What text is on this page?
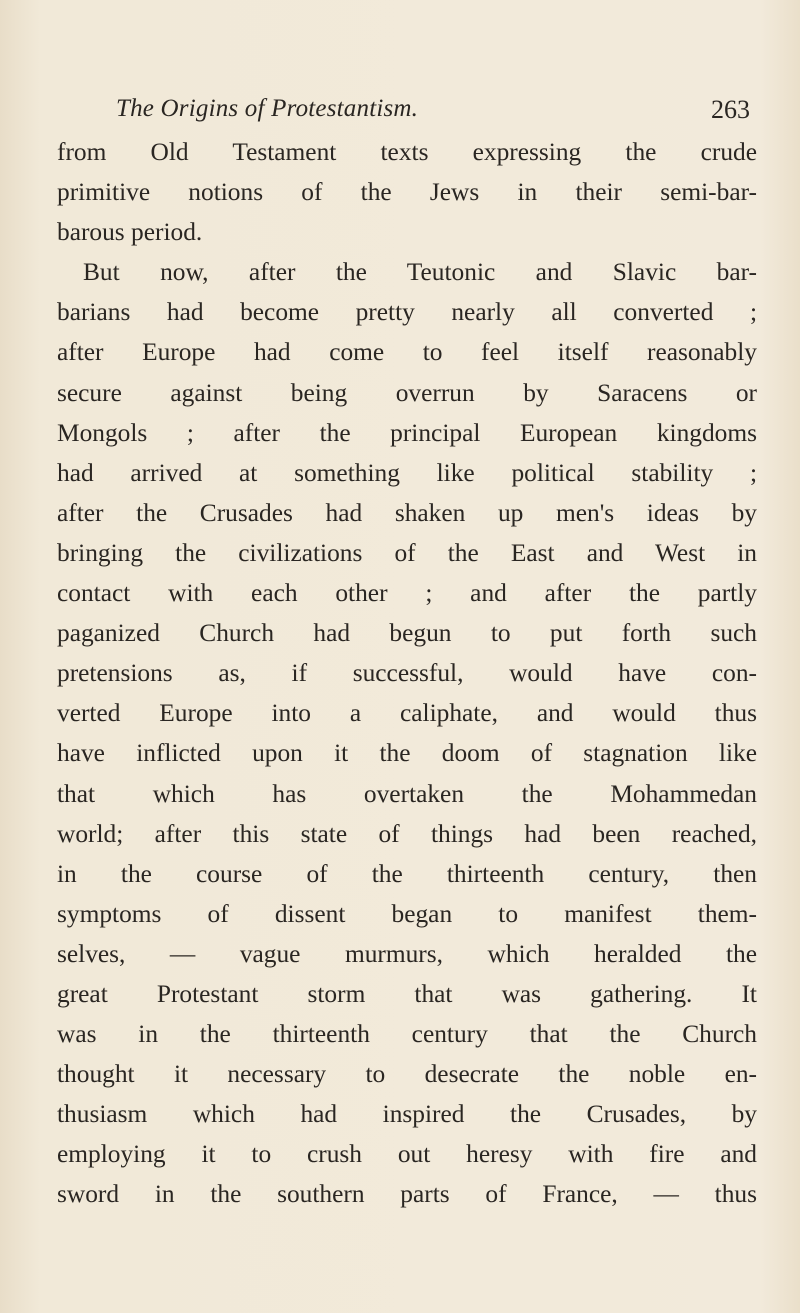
The Origins of Protestantism.	263
from Old Testament texts expressing the crude
primitive notions of the Jews in their semi-bar-
barous period.
But now, after the Teutonic and Slavic bar-
barians had become pretty nearly all converted ;
after Europe had come to feel itself reasonably
secure against being overrun by Saracens or
Mongols ; after the principal European kingdoms
had arrived at something like political stability ;
after the Crusades had shaken up men's ideas by
bringing the civilizations of the East and West in
contact with each other ; and after the partly
paganized Church had begun to put forth such
pretensions as, if successful, would have con-
verted Europe into a caliphate, and would thus
have inflicted upon it the doom of stagnation like
that which has overtaken the Mohammedan
world; after this state of things had been reached,
in the course of the thirteenth century, then
symptoms of dissent began to manifest them-
selves, — vague murmurs, which heralded the
great Protestant storm that was gathering. It
was in the thirteenth century that the Church
thought it necessary to desecrate the noble en-
thusiasm which had inspired the Crusades, by
employing it to crush out heresy with fire and
sword in the southern parts of France, — thus
